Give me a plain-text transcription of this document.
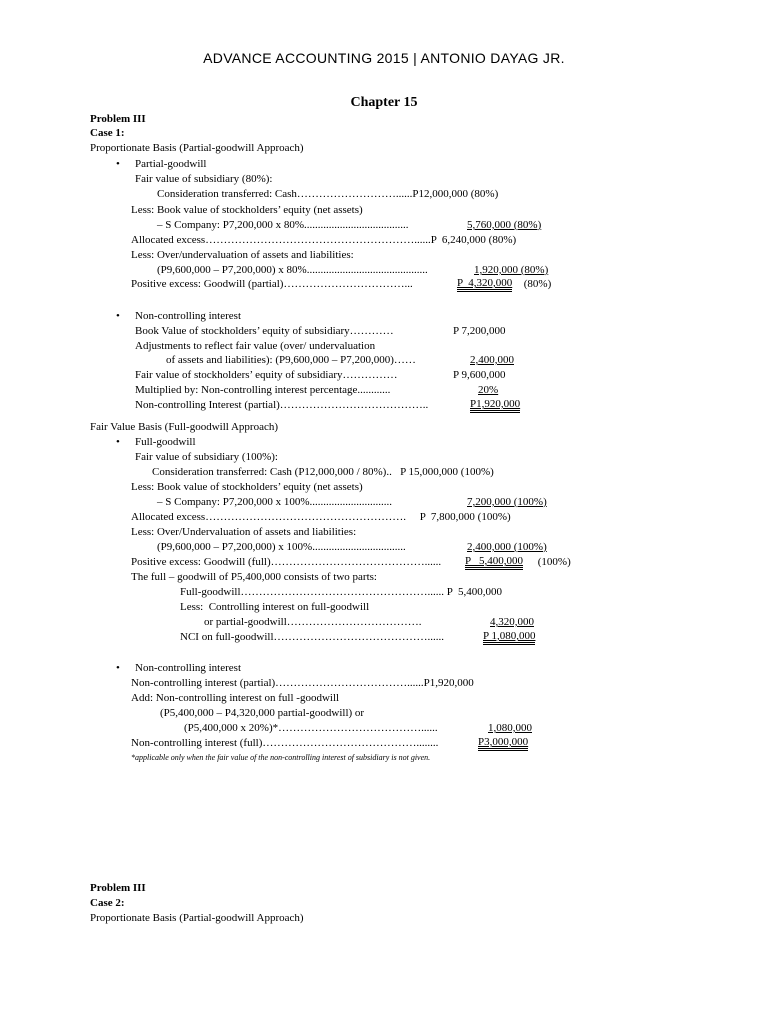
ADVANCE ACCOUNTING 2015 | ANTONIO DAYAG JR.
Chapter 15
Problem III
Case 1:
Proportionate Basis (Partial-goodwill Approach)
• Partial-goodwill
Fair value of subsidiary (80%):
Consideration transferred: Cash………………………......P12,000,000 (80%)
Less: Book value of stockholders’ equity (net assets)
– S Company: P7,200,000 x 80%......................................	5,760,000 (80%)
Allocated excess…………………………………………………......P  6,240,000 (80%)
Less: Over/undervaluation of assets and liabilities:
(P9,600,000 – P7,200,000) x 80%............................................	1,920,000 (80%)
Positive excess: Goodwill (partial)……………………………...	P  4,320,000 (80%)
• Non-controlling interest
Book Value of stockholders’ equity of subsidiary…………	P 7,200,000
Adjustments to reflect fair value (over/ undervaluation
of assets and liabilities): (P9,600,000 – P7,200,000)……	2,400,000
Fair value of stockholders’ equity of subsidiary……………	P 9,600,000
Multiplied by: Non-controlling interest percentage............	20%
Non-controlling Interest (partial)…………………………………..	P1,920,000
Fair Value Basis (Full-goodwill Approach)
• Full-goodwill
Fair value of subsidiary (100%):
Consideration transferred: Cash (P12,000,000 / 80%)..   P 15,000,000 (100%)
Less: Book value of stockholders’ equity (net assets)
– S Company: P7,200,000 x 100%..............................	7,200,000 (100%)
Allocated excess……………………………………………….     P  7,800,000 (100%)
Less: Over/Undervaluation of assets and liabilities:
(P9,600,000 – P7,200,000) x 100%..................................	2,400,000 (100%)
Positive excess: Goodwill (full)……………………………………...... P   5,400,000 (100%)
The full – goodwill of P5,400,000 consists of two parts:
Full-goodwill……………………………………………...... P  5,400,000
Less:  Controlling interest on full-goodwill
or partial-goodwill……………………………….	4,320,000
NCI on full-goodwill……………………………………......	P 1,080,000
• Non-controlling interest
Non-controlling interest (partial)………………………………......P1,920,000
Add: Non-controlling interest on full -goodwill
(P5,400,000 – P4,320,000 partial-goodwill) or
(P5,400,000 x 20%)*…………………………………......	1,080,000
Non-controlling interest (full)……………………………………........	P3,000,000
*applicable only when the fair value of the non-controlling interest of subsidiary is not given.
Problem III
Case 2:
Proportionate Basis (Partial-goodwill Approach)
